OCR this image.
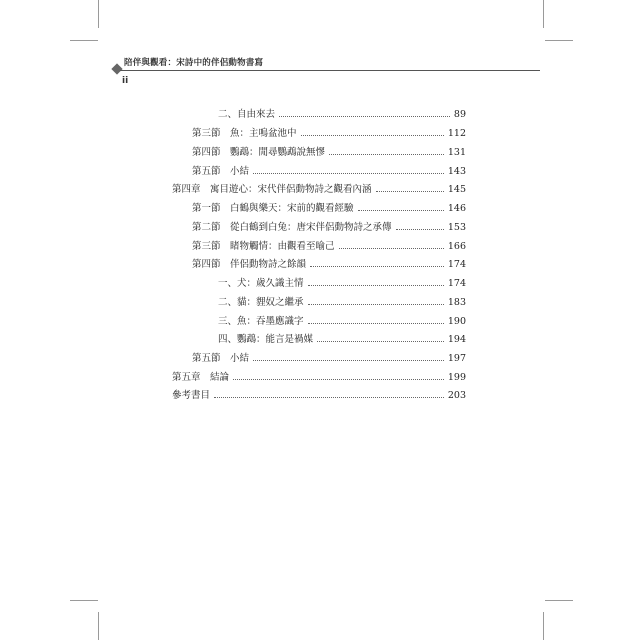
陪伴與觀看：宋詩中的伴侶動物書寫
ii
二、自由來去	89
第三節　魚：主鳴盆池中	112
第四節　鸚鵡：閒尋鸚鵡說無憀	131
第五節　小結	143
第四章　寓目遊心：宋代伴侶動物詩之觀看內涵	145
第一節　白鶴與樂天：宋前的觀看經驗	146
第二節　從白鶴到白兔：唐宋伴侶動物詩之承傳	153
第三節　睹物觸情：由觀看至喻己	166
第四節　伴侶動物詩之餘韻	174
一、犬：歲久識主情	174
二、貓：貍奴之繼承	183
三、魚：吞墨應識字	190
四、鸚鵡：能言是禍媒	194
第五節　小結	197
第五章　結論	199
參考書目	203
